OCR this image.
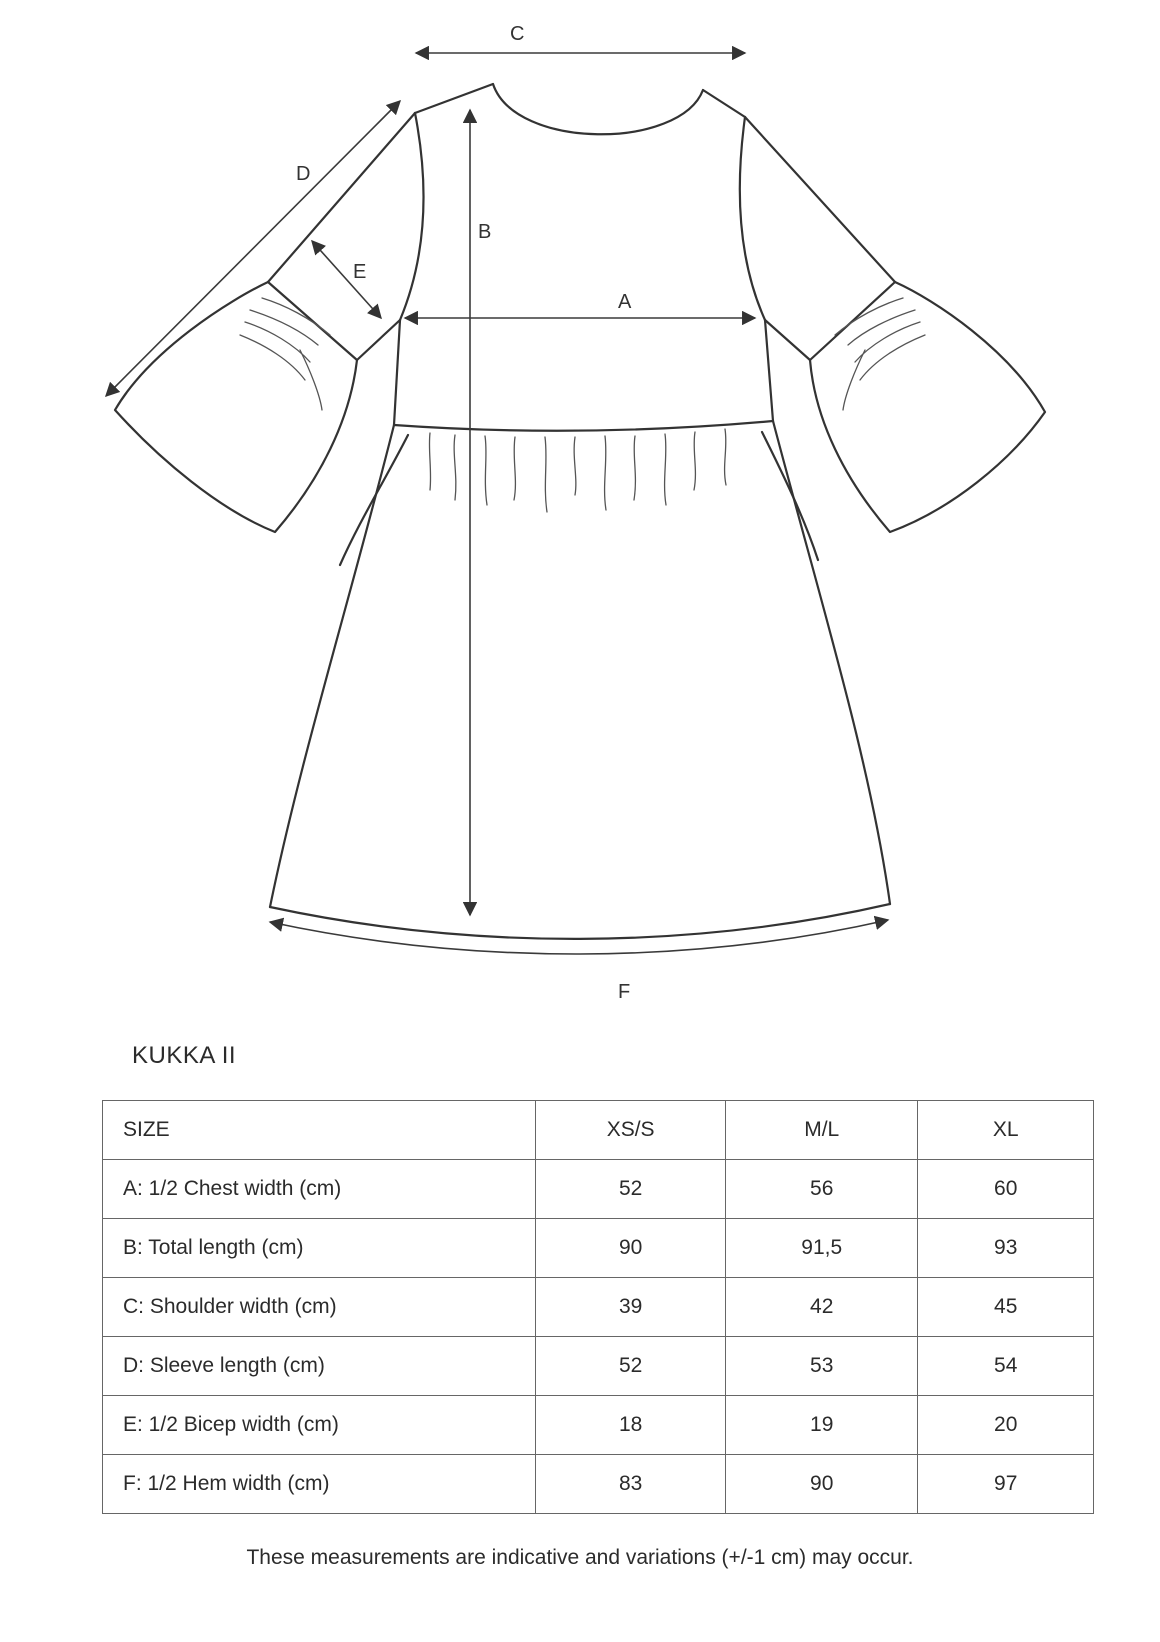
A
B
C
D
E
F
KUKKA II
SIZE	XS/S	M/L	XL
A: 1/2 Chest width (cm)	52	56	60
B: Total length (cm)	90	91,5	93
C: Shoulder width (cm)	39	42	45
D: Sleeve length (cm)	52	53	54
E: 1/2 Bicep width (cm)	18	19	20
F: 1/2 Hem width (cm)	83	90	97

These measurements are indicative and variations (+/-1 cm) may occur.
